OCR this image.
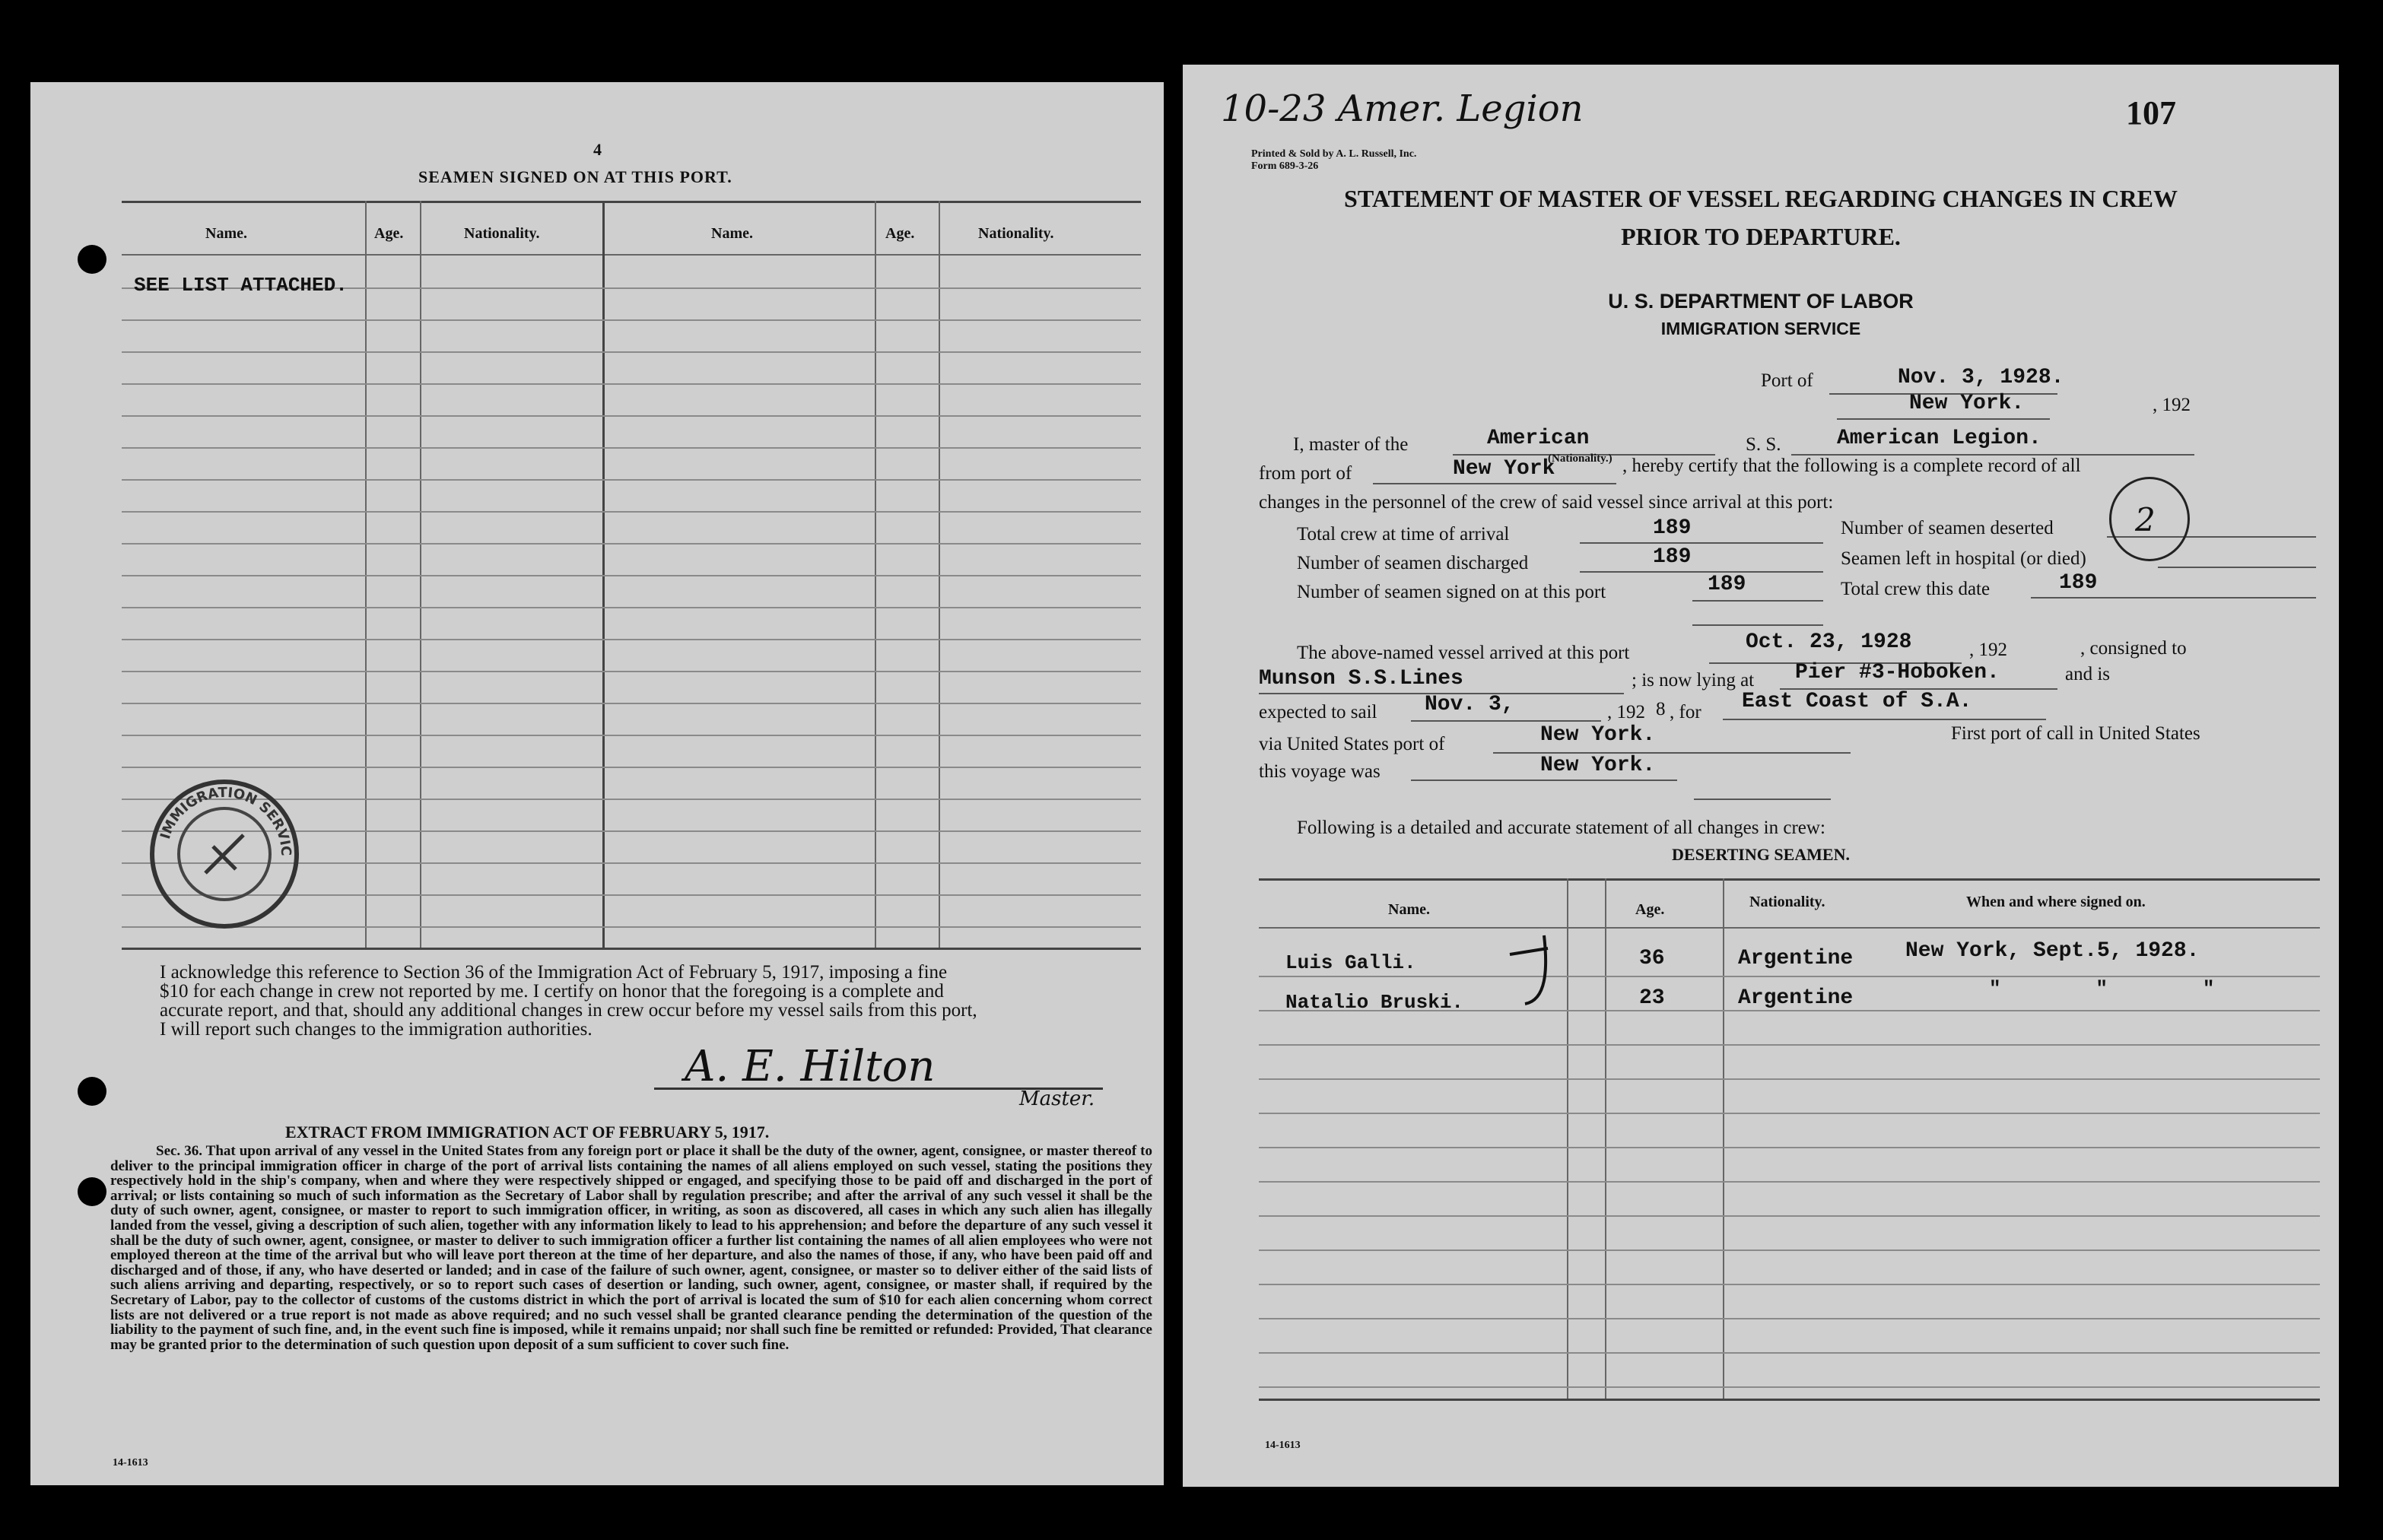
4
SEAMEN SIGNED ON AT THIS PORT.
Name.	Age.	Nationality.	Name.	Age.	Nationality.
SEE LIST ATTACHED.
IMMIGRATION SERVIC
I acknowledge this reference to Section 36 of the Immigration Act of February 5, 1917, imposing a fine
$10 for each change in crew not reported by me. I certify on honor that the foregoing is a complete and
accurate report, and that, should any additional changes in crew occur before my vessel sails from this port,
I will report such changes to the immigration authorities.
A. E. Hilton
Master.
EXTRACT FROM IMMIGRATION ACT OF FEBRUARY 5, 1917.
Sec. 36. That upon arrival of any vessel in the United States from any foreign port or place it shall be the duty of the owner, agent, consignee, or master thereof to deliver to the principal immigration officer in charge of the port of arrival lists containing the names of all aliens employed on such vessel, stating the positions they respectively hold in the ship's company, when and where they were respectively shipped or engaged, and specifying those to be paid off and discharged in the port of arrival; or lists containing so much of such information as the Secretary of Labor shall by regulation prescribe; and after the arrival of any such vessel it shall be the duty of such owner, agent, consignee, or master to report to such immigration officer, in writing, as soon as discovered, all cases in which any such alien has illegally landed from the vessel, giving a description of such alien, together with any information likely to lead to his apprehension; and before the departure of any such vessel it shall be the duty of such owner, agent, consignee, or master to deliver to such immigration officer a further list containing the names of all alien employees who were not employed thereon at the time of the arrival but who will leave port thereon at the time of her departure, and also the names of those, if any, who have been paid off and discharged and of those, if any, who have deserted or landed; and in case of the failure of such owner, agent, consignee, or master so to deliver either of the said lists of such aliens arriving and departing, respectively, or so to report such cases of desertion or landing, such owner, agent, consignee, or master shall, if required by the Secretary of Labor, pay to the collector of customs of the customs district in which the port of arrival is located the sum of $10 for each alien concerning whom correct lists are not delivered or a true report is not made as above required; and no such vessel shall be granted clearance pending the determination of the question of the liability to the payment of such fine, and, in the event such fine is imposed, while it remains unpaid; nor shall such fine be remitted or refunded: Provided, That clearance may be granted prior to the determination of such question upon deposit of a sum sufficient to cover such fine.
14-1613
10-23 Amer. Legion	107
Printed & Sold by A. L. Russell, Inc.
Form 689-3-26
STATEMENT OF MASTER OF VESSEL REGARDING CHANGES IN CREW
PRIOR TO DEPARTURE.
U. S. DEPARTMENT OF LABOR
IMMIGRATION SERVICE
Port of	Nov. 3, 1928.
New York.	, 192
I, master of the	American
(Nationality.)
S. S.	American Legion.
from port of	New York	, hereby certify that the following is a complete record of all
changes in the personnel of the crew of said vessel since arrival at this port:
Total crew at time of arrival	189	Number of seamen deserted	2
Number of seamen discharged	189	Seamen left in hospital (or died)
Number of seamen signed on at this port	189	Total crew this date	189
The above-named vessel arrived at this port	Oct. 23, 1928	, 192	, consigned to
Munson S.S.Lines	; is now lying at Pier #3-Hoboken.	and is
expected to sail Nov. 3,	, 192 8 , for East Coast of S.A.
via United States port of	New York.	First port of call in United States
this voyage was	New York.
Following is a detailed and accurate statement of all changes in crew:
DESERTING SEAMEN.
Name.	Age.	Nationality.	When and where signed on.
Luis Galli.	36	Argentine New York, Sept.5, 1928.
Natalio Bruski.	23	Argentine	"        "        "
14-1613
